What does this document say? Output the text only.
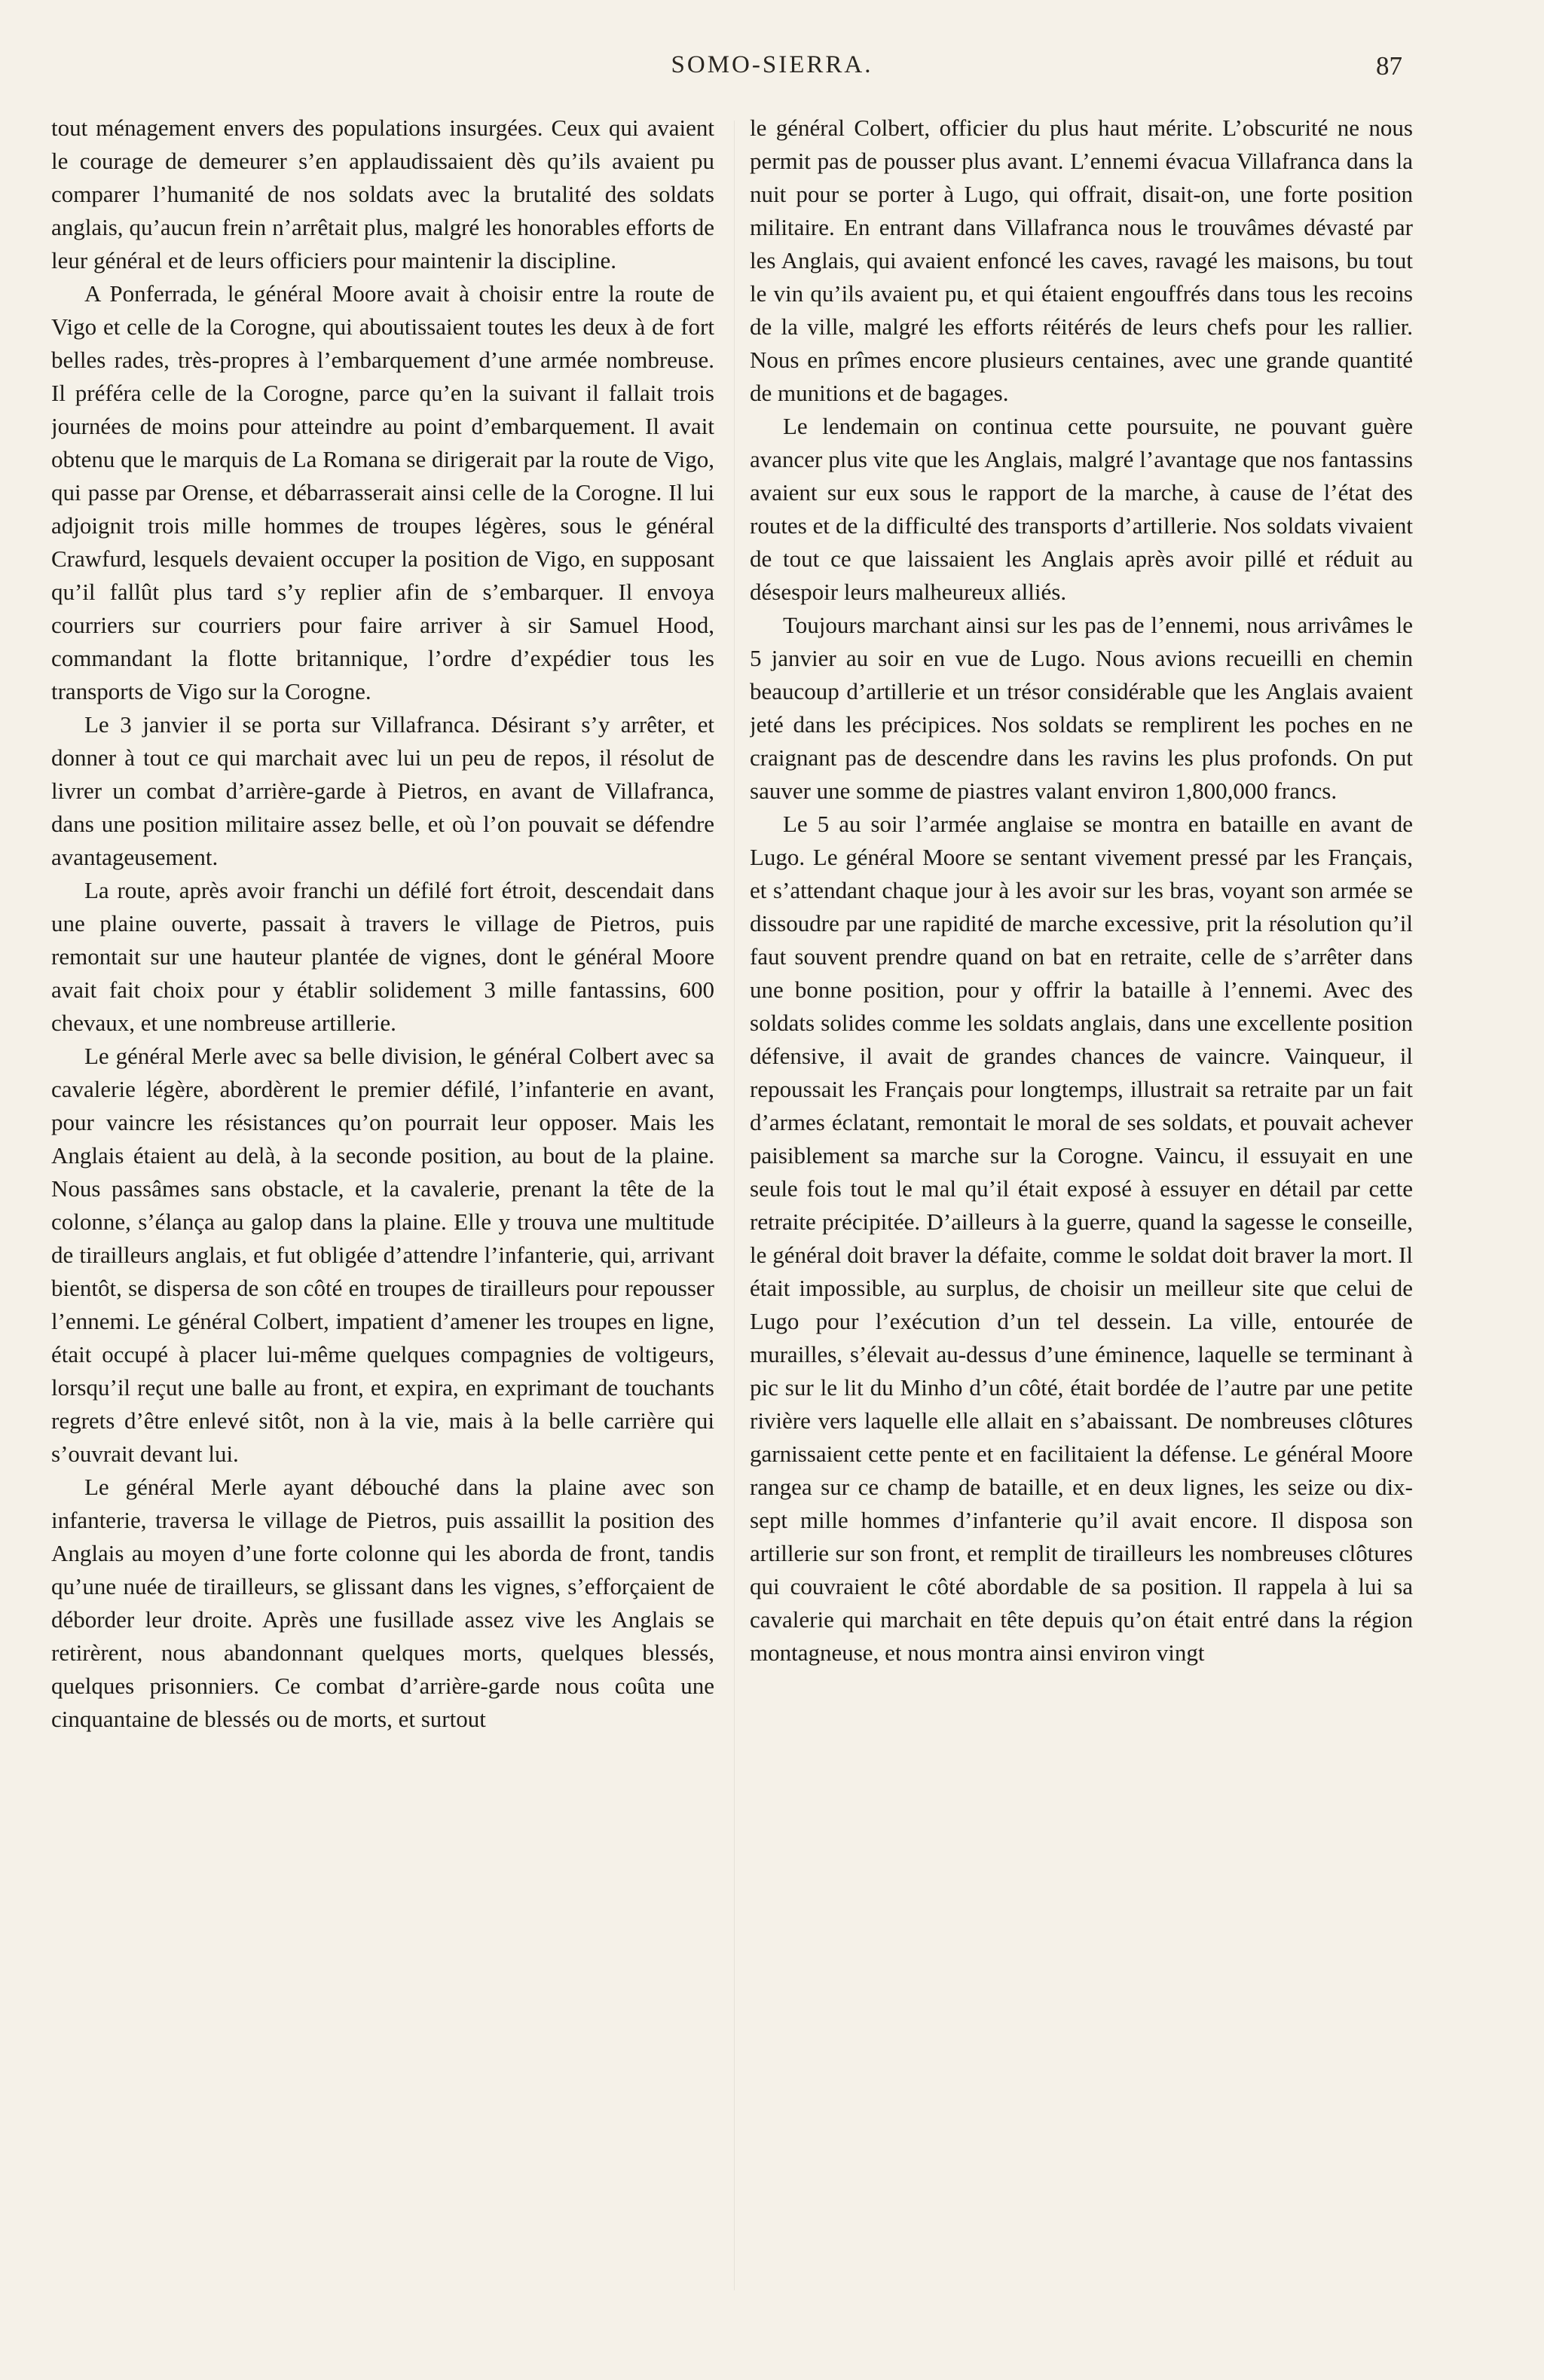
SOMO-SIERRA.	87

tout ménagement envers des populations insurgées. Ceux qui avaient le courage de demeurer s’en applaudissaient dès qu’ils avaient pu comparer l’humanité de nos soldats avec la brutalité des soldats anglais, qu’aucun frein n’arrêtait plus, malgré les honorables efforts de leur général et de leurs officiers pour maintenir la discipline.

A Ponferrada, le général Moore avait à choisir entre la route de Vigo et celle de la Corogne, qui aboutissaient toutes les deux à de fort belles rades, très-propres à l’embarquement d’une armée nombreuse. Il préféra celle de la Corogne, parce qu’en la suivant il fallait trois journées de moins pour atteindre au point d’embarquement. Il avait obtenu que le marquis de La Romana se dirigerait par la route de Vigo, qui passe par Orense, et débarrasserait ainsi celle de la Corogne. Il lui adjoignit trois mille hommes de troupes légères, sous le général Crawfurd, lesquels devaient occuper la position de Vigo, en supposant qu’il fallût plus tard s’y replier afin de s’embarquer. Il envoya courriers sur courriers pour faire arriver à sir Samuel Hood, commandant la flotte britannique, l’ordre d’expédier tous les transports de Vigo sur la Corogne.

Le 3 janvier il se porta sur Villafranca. Désirant s’y arrêter, et donner à tout ce qui marchait avec lui un peu de repos, il résolut de livrer un combat d’arrière-garde à Pietros, en avant de Villafranca, dans une position militaire assez belle, et où l’on pouvait se défendre avantageusement.

La route, après avoir franchi un défilé fort étroit, descendait dans une plaine ouverte, passait à travers le village de Pietros, puis remontait sur une hauteur plantée de vignes, dont le général Moore avait fait choix pour y établir solidement 3 mille fantassins, 600 chevaux, et une nombreuse artillerie.

Le général Merle avec sa belle division, le général Colbert avec sa cavalerie légère, abordèrent le premier défilé, l’infanterie en avant, pour vaincre les résistances qu’on pourrait leur opposer. Mais les Anglais étaient au delà, à la seconde position, au bout de la plaine. Nous passâmes sans obstacle, et la cavalerie, prenant la tête de la colonne, s’élança au galop dans la plaine. Elle y trouva une multitude de tirailleurs anglais, et fut obligée d’attendre l’infanterie, qui, arrivant bientôt, se dispersa de son côté en troupes de tirailleurs pour repousser l’ennemi. Le général Colbert, impatient d’amener les troupes en ligne, était occupé à placer lui-même quelques compagnies de voltigeurs, lorsqu’il reçut une balle au front, et expira, en exprimant de touchants regrets d’être enlevé sitôt, non à la vie, mais à la belle carrière qui s’ouvrait devant lui.

Le général Merle ayant débouché dans la plaine avec son infanterie, traversa le village de Pietros, puis assaillit la position des Anglais au moyen d’une forte colonne qui les aborda de front, tandis qu’une nuée de tirailleurs, se glissant dans les vignes, s’efforçaient de déborder leur droite. Après une fusillade assez vive les Anglais se retirèrent, nous abandonnant quelques morts, quelques blessés, quelques prisonniers. Ce combat d’arrière-garde nous coûta une cinquantaine de blessés ou de morts, et surtout

le général Colbert, officier du plus haut mérite. L’obscurité ne nous permit pas de pousser plus avant. L’ennemi évacua Villafranca dans la nuit pour se porter à Lugo, qui offrait, disait-on, une forte position militaire. En entrant dans Villafranca nous le trouvâmes dévasté par les Anglais, qui avaient enfoncé les caves, ravagé les maisons, bu tout le vin qu’ils avaient pu, et qui étaient engouffrés dans tous les recoins de la ville, malgré les efforts réitérés de leurs chefs pour les rallier. Nous en prîmes encore plusieurs centaines, avec une grande quantité de munitions et de bagages.

Le lendemain on continua cette poursuite, ne pouvant guère avancer plus vite que les Anglais, malgré l’avantage que nos fantassins avaient sur eux sous le rapport de la marche, à cause de l’état des routes et de la difficulté des transports d’artillerie. Nos soldats vivaient de tout ce que laissaient les Anglais après avoir pillé et réduit au désespoir leurs malheureux alliés.

Toujours marchant ainsi sur les pas de l’ennemi, nous arrivâmes le 5 janvier au soir en vue de Lugo. Nous avions recueilli en chemin beaucoup d’artillerie et un trésor considérable que les Anglais avaient jeté dans les précipices. Nos soldats se remplirent les poches en ne craignant pas de descendre dans les ravins les plus profonds. On put sauver une somme de piastres valant environ 1,800,000 francs.

Le 5 au soir l’armée anglaise se montra en bataille en avant de Lugo. Le général Moore se sentant vivement pressé par les Français, et s’attendant chaque jour à les avoir sur les bras, voyant son armée se dissoudre par une rapidité de marche excessive, prit la résolution qu’il faut souvent prendre quand on bat en retraite, celle de s’arrêter dans une bonne position, pour y offrir la bataille à l’ennemi. Avec des soldats solides comme les soldats anglais, dans une excellente position défensive, il avait de grandes chances de vaincre. Vainqueur, il repoussait les Français pour longtemps, illustrait sa retraite par un fait d’armes éclatant, remontait le moral de ses soldats, et pouvait achever paisiblement sa marche sur la Corogne. Vaincu, il essuyait en une seule fois tout le mal qu’il était exposé à essuyer en détail par cette retraite précipitée. D’ailleurs à la guerre, quand la sagesse le conseille, le général doit braver la défaite, comme le soldat doit braver la mort. Il était impossible, au surplus, de choisir un meilleur site que celui de Lugo pour l’exécution d’un tel dessein. La ville, entourée de murailles, s’élevait au-dessus d’une éminence, laquelle se terminant à pic sur le lit du Minho d’un côté, était bordée de l’autre par une petite rivière vers laquelle elle allait en s’abaissant. De nombreuses clôtures garnissaient cette pente et en facilitaient la défense. Le général Moore rangea sur ce champ de bataille, et en deux lignes, les seize ou dix-sept mille hommes d’infanterie qu’il avait encore. Il disposa son artillerie sur son front, et remplit de tirailleurs les nombreuses clôtures qui couvraient le côté abordable de sa position. Il rappela à lui sa cavalerie qui marchait en tête depuis qu’on était entré dans la région montagneuse, et nous montra ainsi environ vingt
